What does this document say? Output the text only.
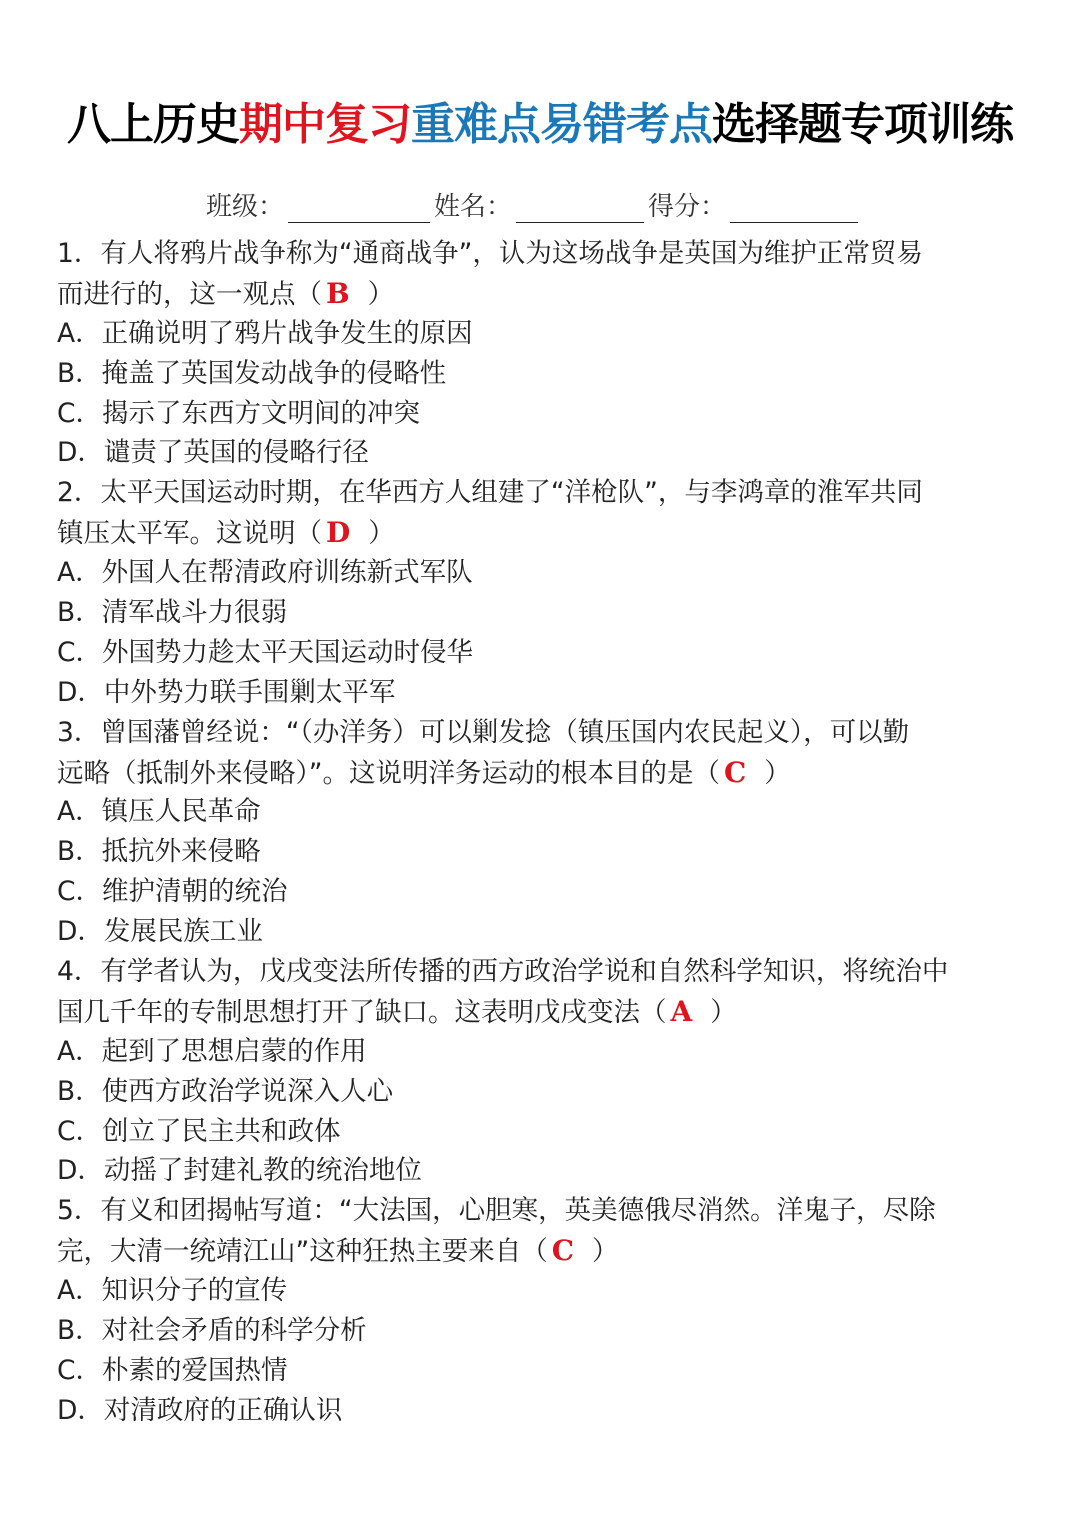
八上历史期中复习重难点易错考点选择题专项训练
班级：	姓名：	得分：
1．有人将鸦片战争称为“通商战争”，认为这场战争是英国为维护正常贸易
而进行的，这一观点（ B ）
A．正确说明了鸦片战争发生的原因
B．掩盖了英国发动战争的侵略性
C．揭示了东西方文明间的冲突
D．谴责了英国的侵略行径
2．太平天国运动时期，在华西方人组建了“洋枪队”，与李鸿章的淮军共同
镇压太平军。这说明（ D ）
A．外国人在帮清政府训练新式军队
B．清军战斗力很弱
C．外国势力趁太平天国运动时侵华
D．中外势力联手围剿太平军
3．曾国藩曾经说：“（办洋务）可以剿发捻（镇压国内农民起义），可以勤
远略（抵制外来侵略）”。这说明洋务运动的根本目的是（ C ）
A．镇压人民革命
B．抵抗外来侵略
C．维护清朝的统治
D．发展民族工业
4．有学者认为，戊戌变法所传播的西方政治学说和自然科学知识，将统治中
国几千年的专制思想打开了缺口。这表明戊戌变法（ A ）
A．起到了思想启蒙的作用
B．使西方政治学说深入人心
C．创立了民主共和政体
D．动摇了封建礼教的统治地位
5．有义和团揭帖写道：“大法国，心胆寒，英美德俄尽消然。洋鬼子，尽除
完，大清一统靖江山”这种狂热主要来自（ C ）
A．知识分子的宣传
B．对社会矛盾的科学分析
C．朴素的爱国热情
D．对清政府的正确认识
